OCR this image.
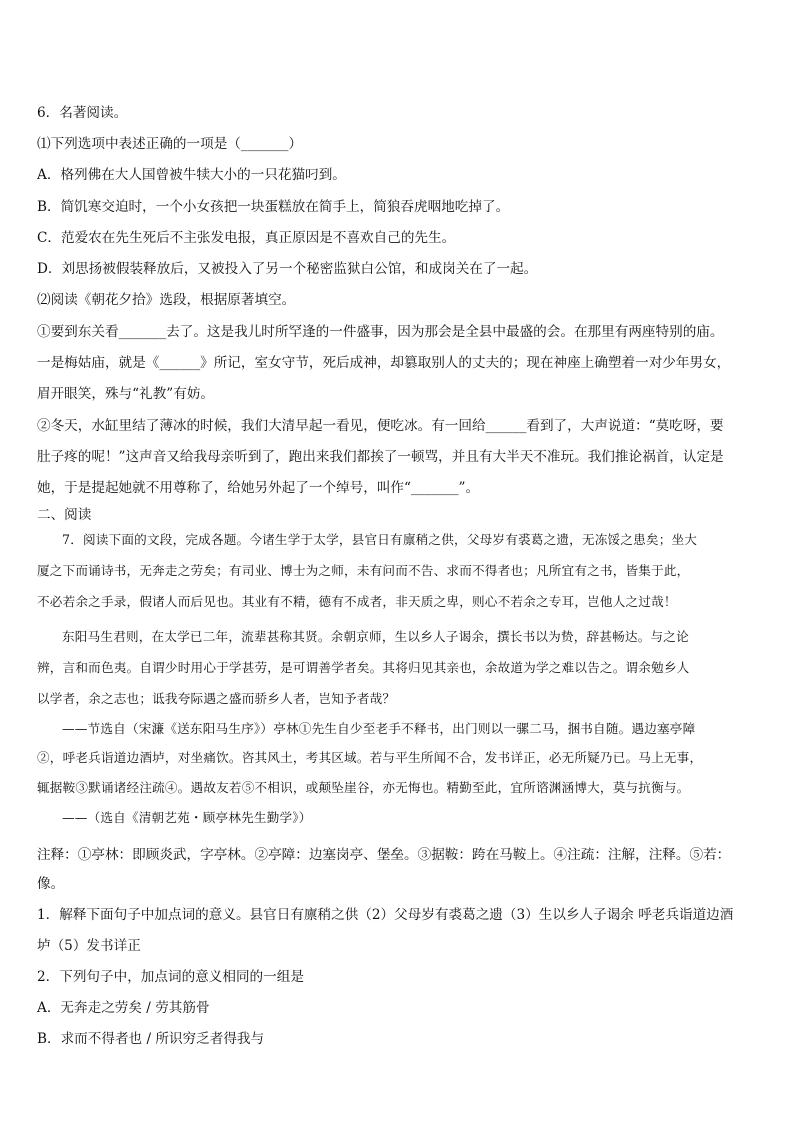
6．名著阅读。
⑴下列选项中表述正确的一项是（_______）
A．格列佛在大人国曾被牛犊大小的一只花猫叼到。
B．简饥寒交迫时，一个小女孩把一块蛋糕放在简手上，简狼吞虎咽地吃掉了。
C．范爱农在先生死后不主张发电报，真正原因是不喜欢自己的先生。
D．刘思扬被假装释放后，又被投入了另一个秘密监狱白公馆，和成岗关在了一起。
⑵阅读《朝花夕拾》选段，根据原著填空。
①要到东关看_______去了。这是我儿时所罕逢的一件盛事，因为那会是全县中最盛的会。在那里有两座特别的庙。
一是梅姑庙，就是《______》所记，室女守节，死后成神，却篡取别人的丈夫的；现在神座上确塑着一对少年男女，
眉开眼笑，殊与“礼教”有妨。
②冬天，水缸里结了薄冰的时候，我们大清早起一看见，便吃冰。有一回给______看到了，大声说道：“莫吃呀，要
肚子疼的呢！”这声音又给我母亲听到了，跑出来我们都挨了一顿骂，并且有大半天不准玩。我们推论祸首，认定是
她，于是提起她就不用尊称了，给她另外起了一个绰号，叫作“_______”。
二、阅读
7．阅读下面的文段，完成各题。今诸生学于太学，县官日有廪稍之供，父母岁有裘葛之遗，无冻馁之患矣；坐大
厦之下而诵诗书，无奔走之劳矣；有司业、博士为之师，未有问而不告、求而不得者也；凡所宜有之书，皆集于此，
不必若余之手录，假诸人而后见也。其业有不精，德有不成者，非天质之卑，则心不若余之专耳，岂他人之过哉！
东阳马生君则，在太学已二年，流辈甚称其贤。余朝京师，生以乡人子谒余，撰长书以为贽，辞甚畅达。与之论
辨，言和而色夷。自谓少时用心于学甚劳，是可谓善学者矣。其将归见其亲也，余故道为学之难以告之。谓余勉乡人
以学者，余之志也；诋我夸际遇之盛而骄乡人者，岂知予者哉？
——节选自（宋濂《送东阳马生序》）亭林①先生自少至老手不释书，出门则以一骡二马，捆书自随。遇边塞亭障
②，呼老兵诣道边酒垆，对坐痛饮。咨其风土，考其区域。若与平生所闻不合，发书详正，必无所疑乃已。马上无事，
辄据鞍③默诵诸经注疏④。遇故友若⑤不相识，或颠坠崖谷，亦无悔也。精勤至此，宜所谘渊涵博大，莫与抗衡与。
——（选自《清朝艺苑・顾亭林先生勤学》）
注释：①亭林：即顾炎武，字亭林。②亭障：边塞岗亭、堡垒。③据鞍：跨在马鞍上。④注疏：注解，注释。⑤若：
像。
1．解释下面句子中加点词的意义。县官日有廪稍之供（2）父母岁有裘葛之遗（3）生以乡人子谒余 呼老兵诣道边酒
垆（5）发书详正
2．下列句子中，加点词的意义相同的一组是
A．无奔走之劳矣 / 劳其筋骨
B．求而不得者也 / 所识穷乏者得我与
